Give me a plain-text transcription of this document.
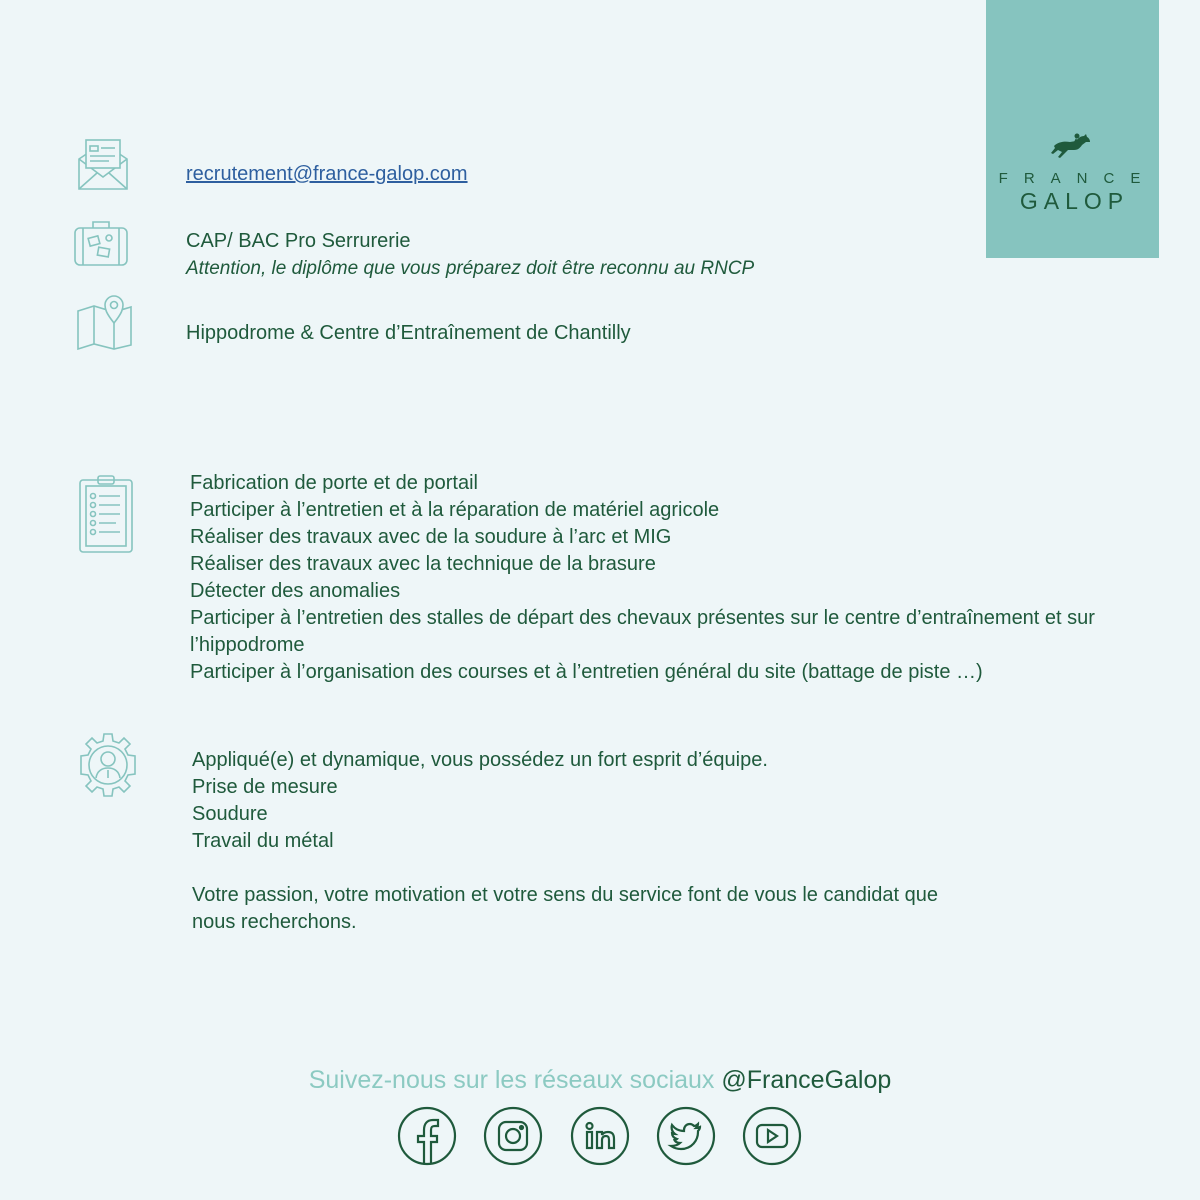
FRANCE
GALOP
recrutement@france-galop.com
CAP/ BAC Pro Serrurerie
Attention, le diplôme que vous préparez doit être reconnu au RNCP
Hippodrome & Centre d’Entraînement de Chantilly
Fabrication de porte et de portail
Participer à l’entretien et à la réparation de matériel agricole
Réaliser des travaux avec de la soudure à l’arc et MIG
Réaliser des travaux avec la technique de la brasure
Détecter des anomalies
Participer à l’entretien des stalles de départ des chevaux présentes sur le centre d’entraînement et sur
l’hippodrome
Participer à l’organisation des courses et à l’entretien général du site (battage de piste …)
Appliqué(e) et dynamique, vous possédez un fort esprit d’équipe.
Prise de mesure
Soudure
Travail du métal
Votre passion, votre motivation et votre sens du service font de vous le candidat que
nous recherchons.
Suivez-nous sur les réseaux sociaux @FranceGalop
